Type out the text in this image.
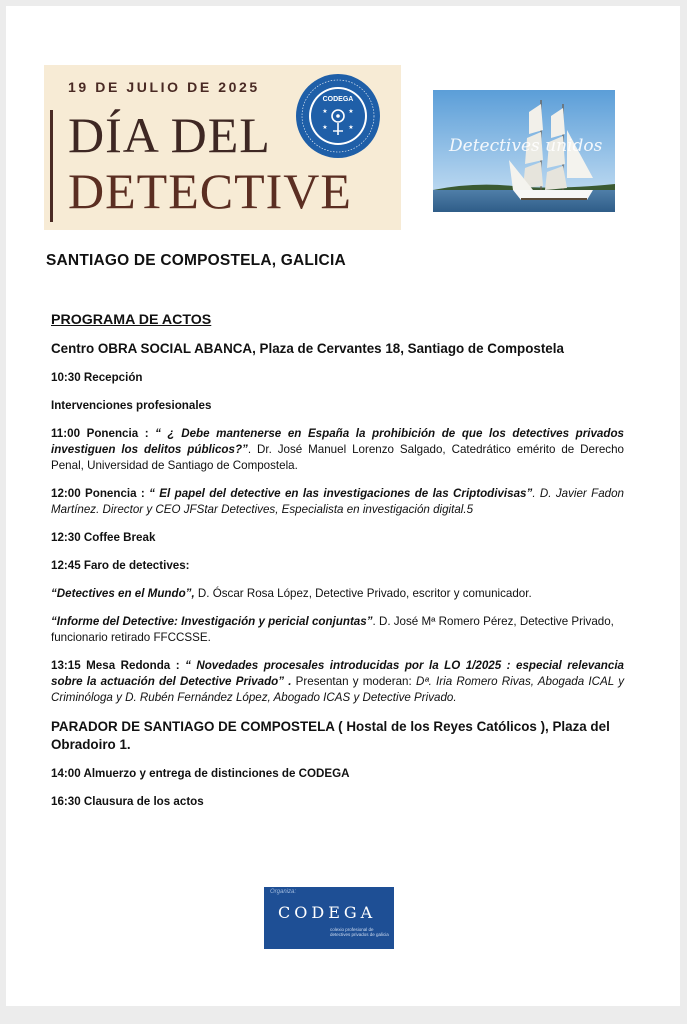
19 DE JULIO DE 2025
DÍA DEL
DETECTIVE
CODEGA
★	★
★	★
Detectives unidos
SANTIAGO DE COMPOSTELA, GALICIA

PROGRAMA DE ACTOS

Centro OBRA SOCIAL ABANCA, Plaza de Cervantes 18, Santiago de Compostela

10:30 Recepción

Intervenciones profesionales

11:00 Ponencia : “ ¿ Debe mantenerse en España la prohibición de que los detectives privados investiguen los delitos públicos?”. Dr. José Manuel Lorenzo Salgado, Catedrático emérito de Derecho Penal, Universidad de Santiago de Compostela.

12:00 Ponencia : “ El papel del detective en las investigaciones de las Criptodivisas”. D. Javier Fadon Martínez. Director y CEO JFStar Detectives, Especialista en investigación digital.5

12:30 Coffee Break

12:45 Faro de detectives:

“Detectives en el Mundo”, D. Óscar Rosa López, Detective Privado, escritor y comunicador.

“Informe del Detective: Investigación y pericial conjuntas”. D. José Mª Romero Pérez, Detective Privado, funcionario retirado FFCCSSE.

13:15 Mesa Redonda : “ Novedades procesales introducidas por la LO 1/2025 : especial relevancia sobre la actuación del Detective Privado” . Presentan y moderan: Dª. Iria Romero Rivas, Abogada ICAL y Criminóloga y D. Rubén Fernández López, Abogado ICAS y Detective Privado.

PARADOR DE SANTIAGO DE COMPOSTELA ( Hostal de los Reyes Católicos ), Plaza del Obradoiro 1.

14:00 Almuerzo y entrega de distinciones de CODEGA

16:30 Clausura de los actos

Organiza:
CODEGA
colexio profesional de detectives privados de galicia
